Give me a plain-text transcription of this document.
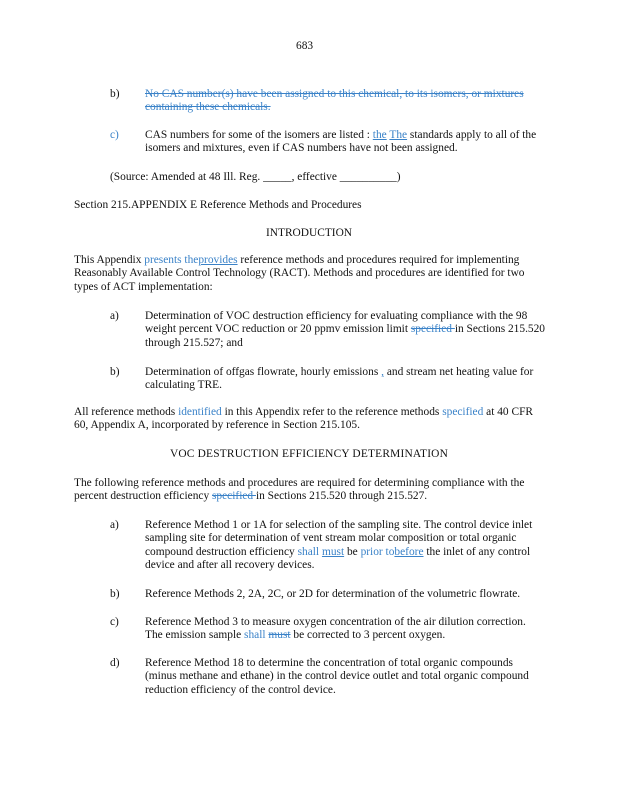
683
b) No CAS number(s) have been assigned to this chemical, to its isomers, or mixtures containing these chemicals.
c) CAS numbers for some of the isomers are listed : the The standards apply to all of the isomers and mixtures, even if CAS numbers have not been assigned.
(Source: Amended at 48 Ill. Reg. _____, effective __________)
Section 215.APPENDIX E Reference Methods and Procedures
INTRODUCTION
This Appendix presents theprovides reference methods and procedures required for implementing Reasonably Available Control Technology (RACT). Methods and procedures are identified for two types of ACT implementation:
a) Determination of VOC destruction efficiency for evaluating compliance with the 98 weight percent VOC reduction or 20 ppmv emission limit specified in Sections 215.520 through 215.527; and
b) Determination of offgas flowrate, hourly emissions , and stream net heating value for calculating TRE.
All reference methods identified in this Appendix refer to the reference methods specified at 40 CFR 60, Appendix A, incorporated by reference in Section 215.105.
VOC DESTRUCTION EFFICIENCY DETERMINATION
The following reference methods and procedures are required for determining compliance with the percent destruction efficiency specified in Sections 215.520 through 215.527.
a) Reference Method 1 or 1A for selection of the sampling site. The control device inlet sampling site for determination of vent stream molar composition or total organic compound destruction efficiency shall must be prior tobefore the inlet of any control device and after all recovery devices.
b) Reference Methods 2, 2A, 2C, or 2D for determination of the volumetric flowrate.
c) Reference Method 3 to measure oxygen concentration of the air dilution correction. The emission sample shall must be corrected to 3 percent oxygen.
d) Reference Method 18 to determine the concentration of total organic compounds (minus methane and ethane) in the control device outlet and total organic compound reduction efficiency of the control device.
